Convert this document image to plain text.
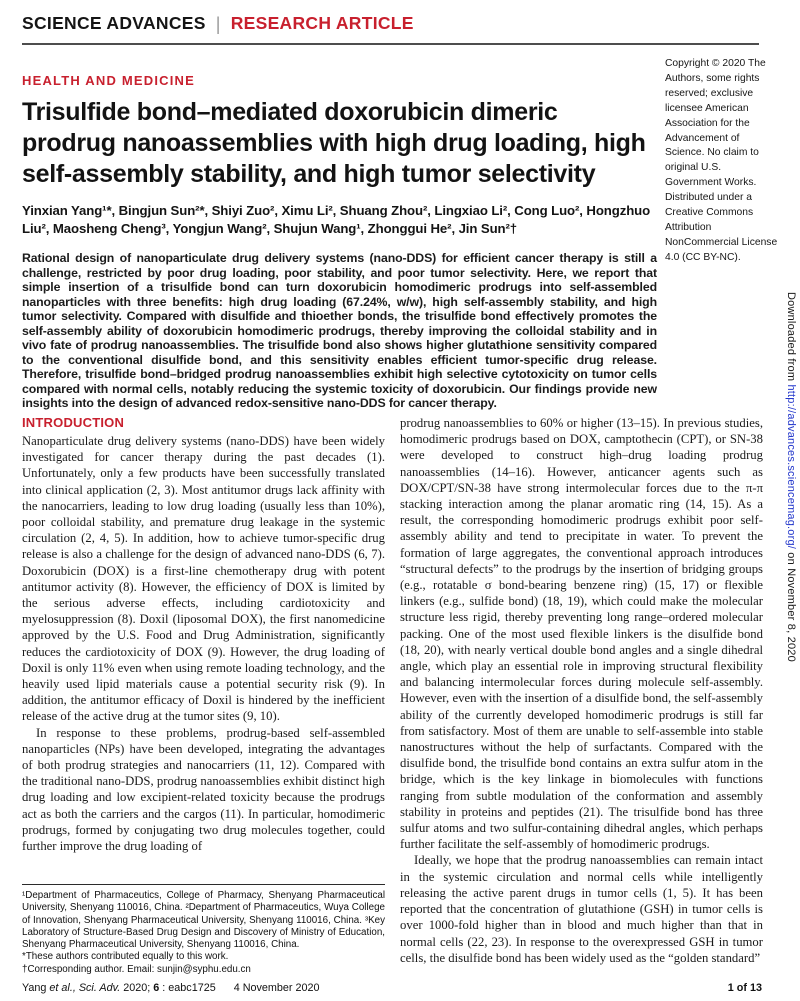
SCIENCE ADVANCES | RESEARCH ARTICLE
HEALTH AND MEDICINE
Trisulfide bond–mediated doxorubicin dimeric prodrug nanoassemblies with high drug loading, high self-assembly stability, and high tumor selectivity

Yinxian Yang¹*, Bingjun Sun²*, Shiyi Zuo², Ximu Li², Shuang Zhou², Lingxiao Li², Cong Luo², Hongzhuo Liu², Maosheng Cheng³, Yongjun Wang², Shujun Wang¹, Zhonggui He², Jin Sun²†

Rational design of nanoparticulate drug delivery systems (nano-DDS) for efficient cancer therapy is still a challenge, restricted by poor drug loading, poor stability, and poor tumor selectivity. Here, we report that simple insertion of a trisulfide bond can turn doxorubicin homodimeric prodrugs into self-assembled nanoparticles with three benefits: high drug loading (67.24%, w/w), high self-assembly stability, and high tumor selectivity. Compared with disulfide and thioether bonds, the trisulfide bond effectively promotes the self-assembly ability of doxorubicin homodimeric prodrugs, thereby improving the colloidal stability and in vivo fate of prodrug nanoassemblies. The trisulfide bond also shows higher glutathione sensitivity compared to the conventional disulfide bond, and this sensitivity enables efficient tumor-specific drug release. Therefore, trisulfide bond–bridged prodrug nanoassemblies exhibit high selective cytotoxicity on tumor cells compared with normal cells, notably reducing the systemic toxicity of doxorubicin. Our findings provide new insights into the design of advanced redox-sensitive nano-DDS for cancer therapy.

Copyright © 2020 The Authors, some rights reserved; exclusive licensee American Association for the Advancement of Science. No claim to original U.S. Government Works. Distributed under a Creative Commons Attribution NonCommercial License 4.0 (CC BY-NC).
INTRODUCTION

Nanoparticulate drug delivery systems (nano-DDS) have been widely investigated for cancer therapy during the past decades (1). Unfortunately, only a few products have been successfully translated into clinical application (2, 3). Most antitumor drugs lack affinity with the nanocarriers, leading to low drug loading (usually less than 10%), poor colloidal stability, and premature drug leakage in the systemic circulation (2, 4, 5). In addition, how to achieve tumor-specific drug release is also a challenge for the design of advanced nano-DDS (6, 7). Doxorubicin (DOX) is a first-line chemotherapy drug with potent antitumor activity (8). However, the efficiency of DOX is limited by the serious adverse effects, including cardiotoxicity and myelosuppression (8). Doxil (liposomal DOX), the first nanomedicine approved by the U.S. Food and Drug Administration, significantly reduces the cardiotoxicity of DOX (9). However, the drug loading of Doxil is only 11% even when using remote loading technology, and the heavily used lipid materials cause a potential security risk (9). In addition, the antitumor efficacy of Doxil is hindered by the inefficient release of the active drug at the tumor sites (9, 10).

In response to these problems, prodrug-based self-assembled nanoparticles (NPs) have been developed, integrating the advantages of both prodrug strategies and nanocarriers (11, 12). Compared with the traditional nano-DDS, prodrug nanoassemblies exhibit distinct high drug loading and low excipient-related toxicity because the prodrugs act as both the carriers and the cargos (11). In particular, homodimeric prodrugs, formed by conjugating two drug molecules together, could further improve the drug loading of

prodrug nanoassemblies to 60% or higher (13–15). In previous studies, homodimeric prodrugs based on DOX, camptothecin (CPT), or SN-38 were developed to construct high–drug loading prodrug nanoassemblies (14–16). However, anticancer agents such as DOX/CPT/SN-38 have strong intermolecular forces due to the π-π stacking interaction among the planar aromatic ring (14, 15). As a result, the corresponding homodimeric prodrugs exhibit poor self-assembly ability and tend to precipitate in water. To prevent the formation of large aggregates, the conventional approach introduces “structural defects” to the prodrugs by the insertion of bridging groups (e.g., rotatable σ bond-bearing benzene ring) (15, 17) or flexible linkers (e.g., sulfide bond) (18, 19), which could make the molecular structure less rigid, thereby preventing long range–ordered molecular packing. One of the most used flexible linkers is the disulfide bond (18, 20), with nearly vertical double bond angles and a single dihedral angle, which play an essential role in improving structural flexibility and balancing intermolecular forces during molecule self-assembly. However, even with the insertion of a disulfide bond, the self-assembly ability of the currently developed homodimeric prodrugs is still far from satisfactory. Most of them are unable to self-assemble into stable nanostructures without the help of surfactants. Compared with the disulfide bond, the trisulfide bond contains an extra sulfur atom in the bridge, which is the key linkage in biomolecules with functions ranging from subtle modulation of the conformation and assembly stability in proteins and peptides (21). The trisulfide bond has three sulfur atoms and two sulfur-containing dihedral angles, which perhaps further facilitate the self-assembly of homodimeric prodrugs.

Ideally, we hope that the prodrug nanoassemblies can remain intact in the systemic circulation and normal cells while intelligently releasing the active parent drugs in tumor cells (1, 5). It has been reported that the concentration of glutathione (GSH) in tumor cells is over 1000-fold higher than in blood and much higher than that in normal cells (22, 23). In response to the overexpressed GSH in tumor cells, the disulfide bond has been widely used as the “golden standard”

¹Department of Pharmaceutics, College of Pharmacy, Shenyang Pharmaceutical University, Shenyang 110016, China. ²Department of Pharmaceutics, Wuya College of Innovation, Shenyang Pharmaceutical University, Shenyang 110016, China. ³Key Laboratory of Structure-Based Drug Design and Discovery of Ministry of Education, Shenyang Pharmaceutical University, Shenyang 110016, China.
*These authors contributed equally to this work.
†Corresponding author. Email: sunjin@syphu.edu.cn
Yang et al., Sci. Adv. 2020; 6 : eabc1725 4 November 2020	1 of 13
Downloaded from http://advances.sciencemag.org/ on November 8, 2020
